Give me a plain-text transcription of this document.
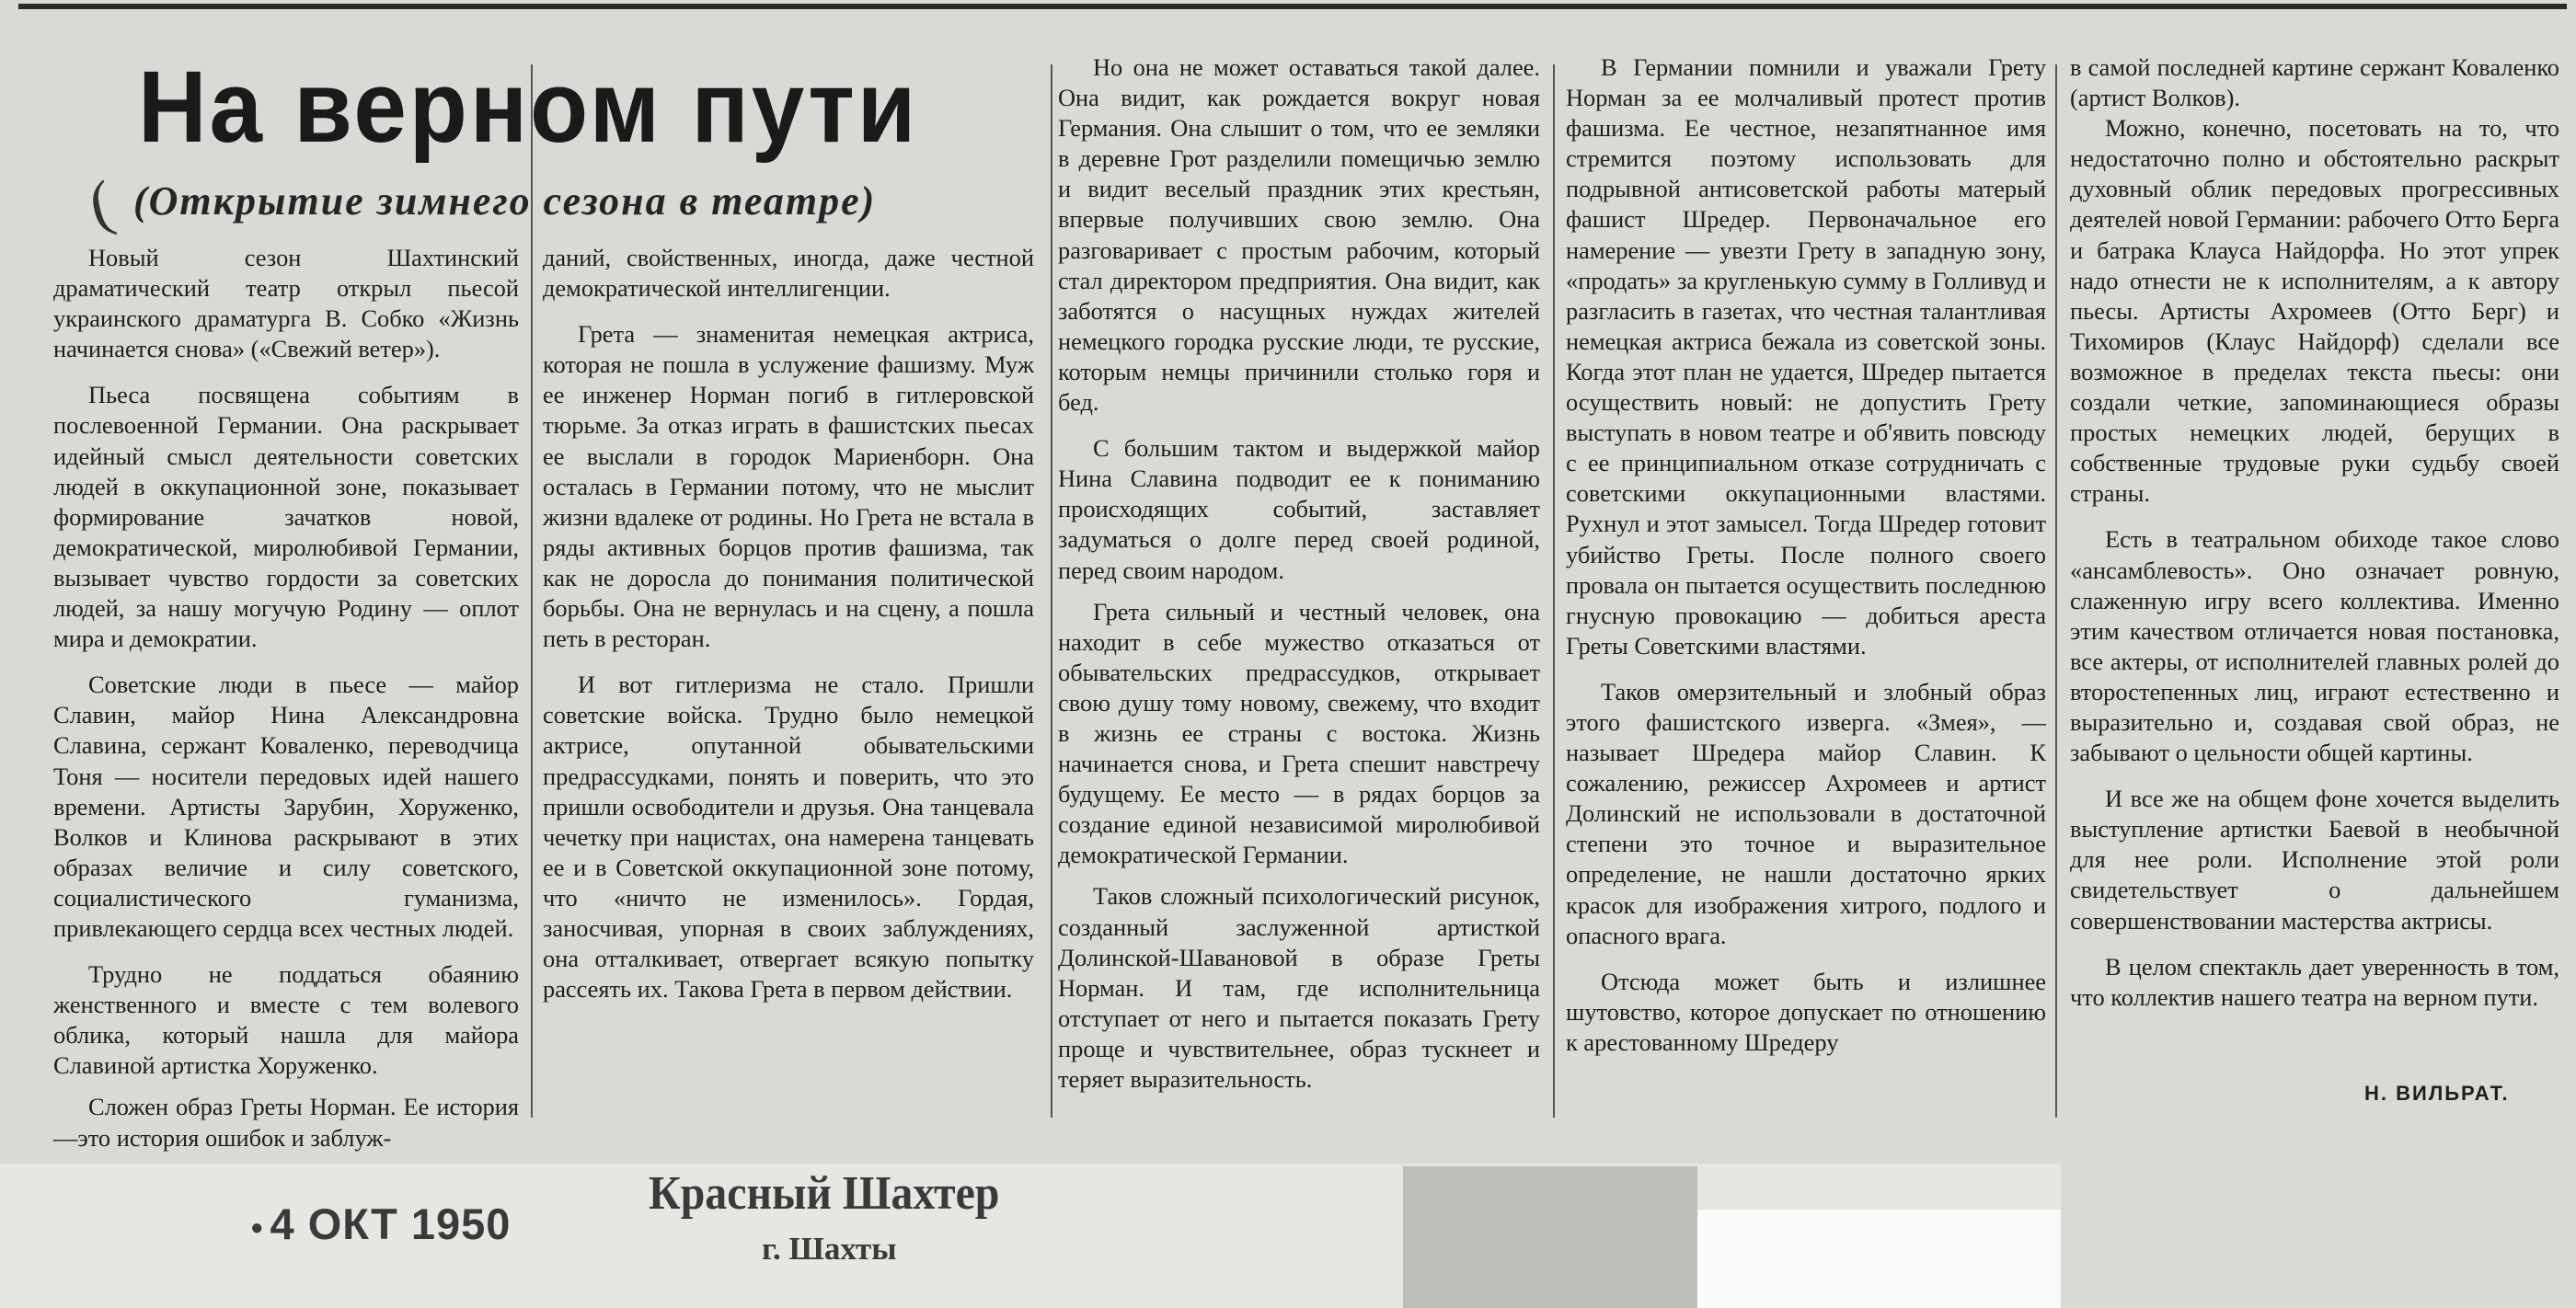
На верном пути
( (Открытие зимнего сезона в театре)

Новый сезон Шахтинский драматический театр открыл пьесой украинского драматурга В. Собко «Жизнь начинается снова» («Свежий ветер»).

Пьеса посвящена событиям в послевоенной Германии. Она раскрывает идейный смысл деятельности советских людей в оккупационной зоне, показывает формирование зачатков новой, демократической, миролюбивой Германии, вызывает чувство гордости за советских людей, за нашу могучую Родину — оплот мира и демократии.

Советские люди в пьесе — майор Славин, майор Нина Александровна Славина, сержант Коваленко, переводчица Тоня — носители передовых идей нашего времени. Артисты Зарубин, Хоруженко, Волков и Клинова раскрывают в этих образах величие и силу советского, социалистического гуманизма, привлекающего сердца всех честных людей.

Трудно не поддаться обаянию женственного и вместе с тем волевого облика, который нашла для майора Славиной артистка Хоруженко.

Сложен образ Греты Норман. Ее история—это история ошибок и заблуж-

даний, свойственных, иногда, даже честной демократической интеллигенции.

Грета — знаменитая немецкая актриса, которая не пошла в услужение фашизму. Муж ее инженер Норман погиб в гитлеровской тюрьме. За отказ играть в фашистских пьесах ее выслали в городок Мариенборн. Она осталась в Германии потому, что не мыслит жизни вдалеке от родины. Но Грета не встала в ряды активных борцов против фашизма, так как не доросла до понимания политической борьбы. Она не вернулась и на сцену, а пошла петь в ресторан.

И вот гитлеризма не стало. Пришли советские войска. Трудно было немецкой актрисе, опутанной обывательскими предрассудками, понять и поверить, что это пришли освободители и друзья. Она танцевала чечетку при нацистах, она намерена танцевать ее и в Советской оккупационной зоне потому, что «ничто не изменилось». Гордая, заносчивая, упорная в своих заблуждениях, она отталкивает, отвергает всякую попытку рассеять их. Такова Грета в первом действии.

Но она не может оставаться такой далее. Она видит, как рождается вокруг новая Германия. Она слышит о том, что ее земляки в деревне Грот разделили помещичью землю и видит веселый праздник этих крестьян, впервые получивших свою землю. Она разговаривает с простым рабочим, который стал директором предприятия. Она видит, как заботятся о насущных нуждах жителей немецкого городка русские люди, те русские, которым немцы причинили столько горя и бед.

С большим тактом и выдержкой майор Нина Славина подводит ее к пониманию происходящих событий, заставляет задуматься о долге перед своей родиной, перед своим народом.

Грета сильный и честный человек, она находит в себе мужество отказаться от обывательских предрассудков, открывает свою душу тому новому, свежему, что входит в жизнь ее страны с востока. Жизнь начинается снова, и Грета спешит навстречу будущему. Ее место — в рядах борцов за создание единой независимой миролюбивой демократической Германии.

Таков сложный психологический рисунок, созданный заслуженной артисткой Долинской-Шавановой в образе Греты Норман. И там, где исполнительница отступает от него и пытается показать Грету проще и чувствительнее, образ тускнеет и теряет выразительность.

В Германии помнили и уважали Грету Норман за ее молчаливый протест против фашизма. Ее честное, незапятнанное имя стремится поэтому использовать для подрывной антисоветской работы матерый фашист Шредер. Первоначальное его намерение — увезти Грету в западную зону, «продать» за кругленькую сумму в Голливуд и разгласить в газетах, что честная талантливая немецкая актриса бежала из советской зоны. Когда этот план не удается, Шредер пытается осуществить новый: не допустить Грету выступать в новом театре и об'явить повсюду с ее принципиальном отказе сотрудничать с советскими оккупационными властями. Рухнул и этот замысел. Тогда Шредер готовит убийство Греты. После полного своего провала он пытается осуществить последнюю гнусную провокацию — добиться ареста Греты Советскими властями.

Таков омерзительный и злобный образ этого фашистского изверга. «Змея», — называет Шредера майор Славин. К сожалению, режиссер Ахромеев и артист Долинский не использовали в достаточной степени это точное и выразительное определение, не нашли достаточно ярких красок для изображения хитрого, подлого и опасного врага.

Отсюда может быть и излишнее шутовство, которое допускает по отношению к арестованному Шредеру

в самой последней картине сержант Коваленко (артист Волков).

Можно, конечно, посетовать на то, что недостаточно полно и обстоятельно раскрыт духовный облик передовых прогрессивных деятелей новой Германии: рабочего Отто Берга и батрака Клауса Найдорфа. Но этот упрек надо отнести не к исполнителям, а к автору пьесы. Артисты Ахромеев (Отто Берг) и Тихомиров (Клаус Найдорф) сделали все возможное в пределах текста пьесы: они создали четкие, запоминающиеся образы простых немецких людей, берущих в собственные трудовые руки судьбу своей страны.

Есть в театральном обиходе такое слово «ансамблевость». Оно означает ровную, слаженную игру всего коллектива. Именно этим качеством отличается новая постановка, все актеры, от исполнителей главных ролей до второстепенных лиц, играют естественно и выразительно и, создавая свой образ, не забывают о цельности общей картины.

И все же на общем фоне хочется выделить выступление артистки Баевой в необычной для нее роли. Исполнение этой роли свидетельствует о дальнейшем совершенствовании мастерства актрисы.

В целом спектакль дает уверенность в том, что коллектив нашего театра на верном пути.

Н. ВИЛЬРАТ.
● 4 ОКТ 1950
Красный Шахтер
г. Шахты
